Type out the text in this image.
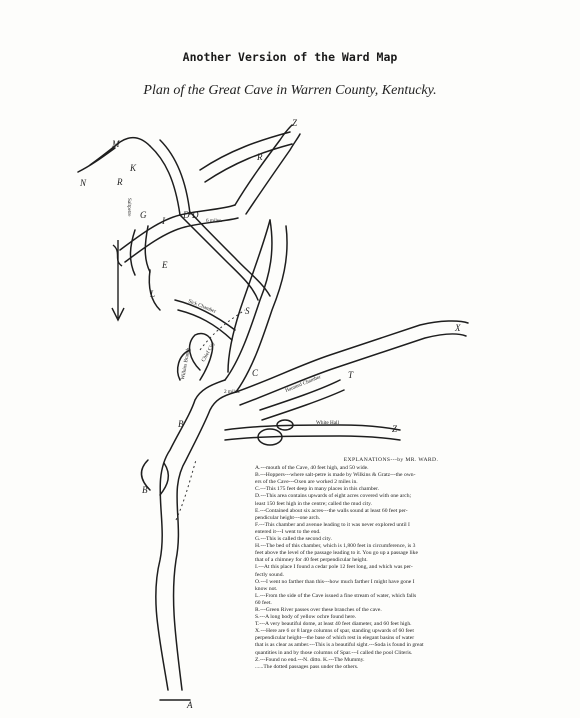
Another Version of the Ward Map
Plan of the Great Cave in Warren County, Kentucky.
Z
M
R
D
I
G	D
R
E
L
S
C	T
X
B
B
Z
A
K
N
6 miles.
2 miles.
White Hall
Haunted Chamber
Sick Chamber
Chief City
Wilkins Branch
Saltpetre
EXPLANATIONS---by MR. WARD.
A.---mouth of the Cave, 40 feet high, and 50 wide.
B.---Hoppers---where salt-petre is made by Wilkins & Gratz---the own-
ers of the Cave---Oxen are worked 2 miles in.
C.---This 175 feet deep in many places in this chamber.
D.---This area contains upwards of eight acres covered with one arch;
least 150 feet high in the centre; called the mud city.
E.---Contained about six acres---the walls sound at least 60 feet per-
pendicular height---one arch.
F.---This chamber and avenue leading to it was never explored until I
entered it---I went to the end.
G.---This is called the second city.
H.---The bed of this chamber, which is 1,800 feet in circumference, is 3
feet above the level of the passage leading to it. You go up a passage like
that of a chimney for 40 feet perpendicular height.
I.---At this place I found a cedar pole 12 feet long, and which was per-
fectly sound.
O.---I went no farther than this---how much farther I might have gone I
know not.
L.---From the side of the Cave issued a fine stream of water, which falls
60 feet.
R.---Green River passes over these branches of the cave.
S.---A long body of yellow ochre found here.
T.---A very beautiful dome, at least 40 feet diameter, and 60 feet high.
X.---Here are 6 or 8 large columns of spar, standing upwards of 60 feet
perpendicular height---the base of which rest in elegant basins of water
that is as clear as amber.---This is a beautiful sight.---Soda is found in great
quantities in and by those columns of Spar.---I called the pool Cliteris.
Z.---Found no end.---N. ditto. K.---The Mummy.
......The dotted passages pass under the others.
